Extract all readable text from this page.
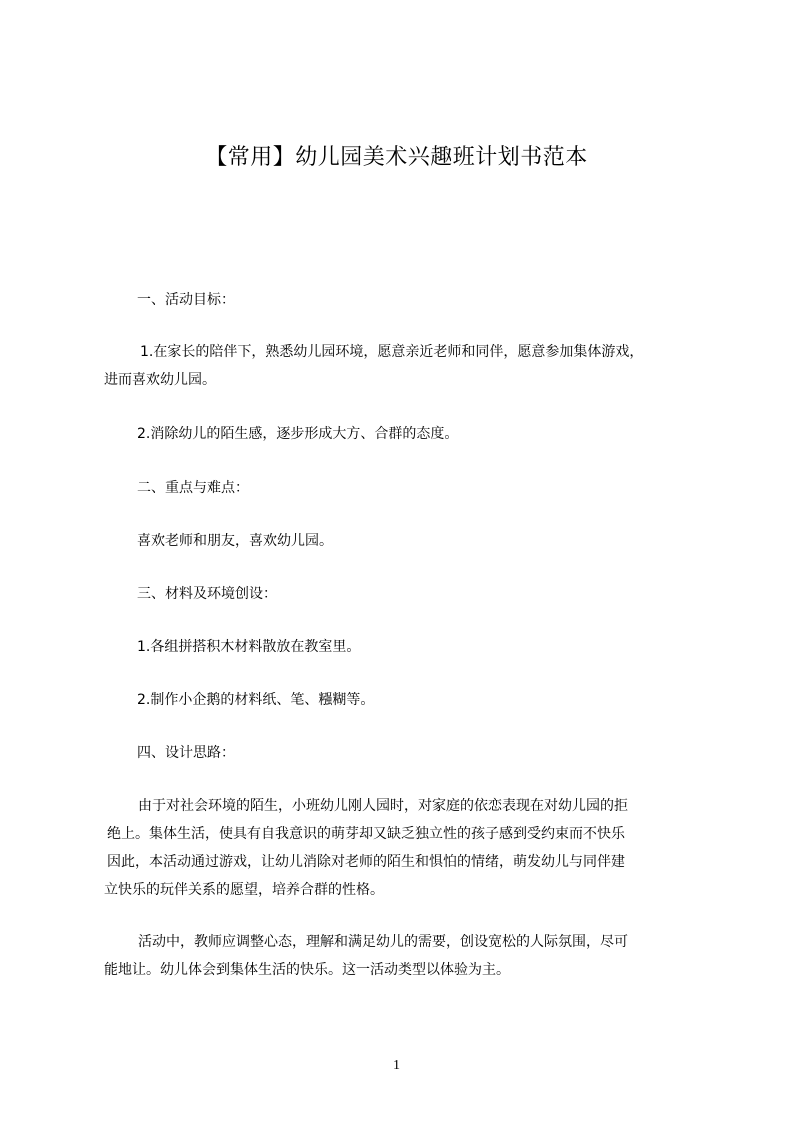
【常用】幼儿园美术兴趣班计划书范本
一、活动目标：
1.在家长的陪伴下，熟悉幼儿园环境，愿意亲近老师和同伴，愿意参加集体游戏，
进而喜欢幼儿园。
2.消除幼儿的陌生感，逐步形成大方、合群的态度。
二、重点与难点：
喜欢老师和朋友，喜欢幼儿园。
三、材料及环境创设：
1.各组拼搭积木材料散放在教室里。
2.制作小企鹅的材料纸、笔、糨糊等。
四、设计思路：
由于对社会环境的陌生，小班幼儿刚人园时，对家庭的依恋表现在对幼儿园的拒
绝上。集体生活，使具有自我意识的萌芽却又缺乏独立性的孩子感到受约束而不快乐
因此，本活动通过游戏，让幼儿消除对老师的陌生和惧怕的情绪，萌发幼儿与同伴建
立快乐的玩伴关系的愿望，培养合群的性格。
活动中，教师应调整心态，理解和满足幼儿的需要，创设宽松的人际氛围，尽可
能地让。幼儿体会到集体生活的快乐。这一活动类型以体验为主。
1
